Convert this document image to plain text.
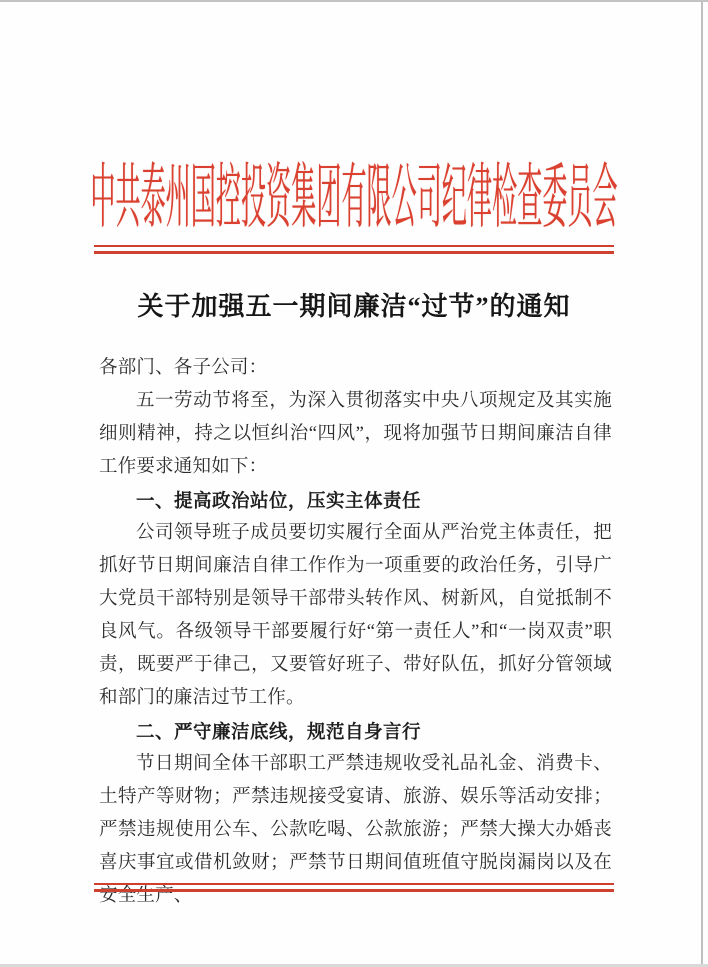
中共泰州国控投资集团有限公司纪律检查委员会
关于加强五一期间廉洁“过节”的通知

各部门、各子公司：

五一劳动节将至，为深入贯彻落实中央八项规定及其实施细则精神，持之以恒纠治“四风”，现将加强节日期间廉洁自律工作要求通知如下：

一、提高政治站位，压实主体责任

公司领导班子成员要切实履行全面从严治党主体责任，把抓好节日期间廉洁自律工作作为一项重要的政治任务，引导广大党员干部特别是领导干部带头转作风、树新风，自觉抵制不良风气。各级领导干部要履行好“第一责任人”和“一岗双责”职责，既要严于律己，又要管好班子、带好队伍，抓好分管领域和部门的廉洁过节工作。

二、严守廉洁底线，规范自身言行

节日期间全体干部职工严禁违规收受礼品礼金、消费卡、土特产等财物；严禁违规接受宴请、旅游、娱乐等活动安排；严禁违规使用公车、公款吃喝、公款旅游；严禁大操大办婚丧喜庆事宜或借机敛财；严禁节日期间值班值守脱岗漏岗以及在安全生产、
